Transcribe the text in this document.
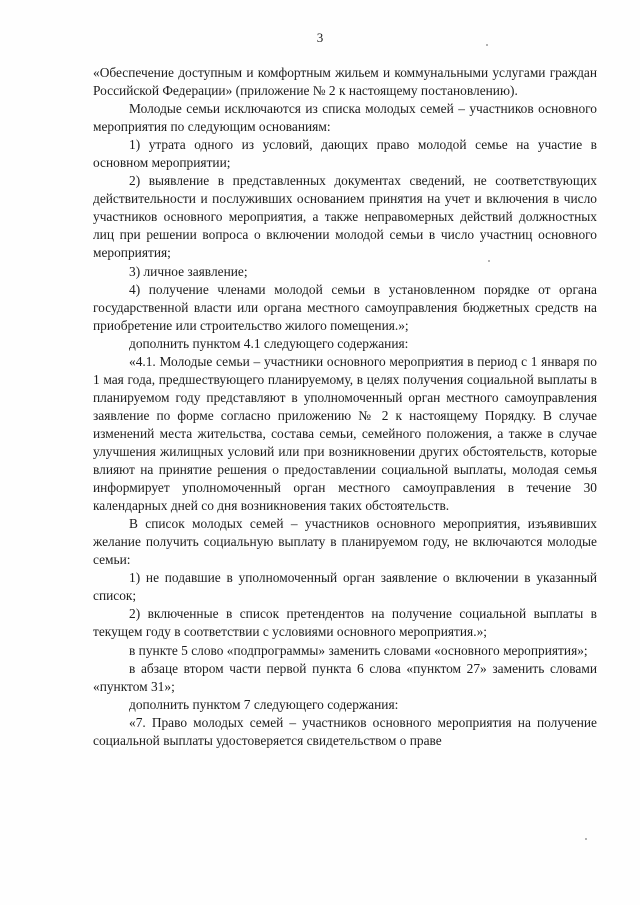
3

«Обеспечение доступным и комфортным жильем и коммунальными услугами граждан Российской Федерации» (приложение № 2 к настоящему постановлению).

Молодые семьи исключаются из списка молодых семей – участников основного мероприятия по следующим основаниям:

1) утрата одного из условий, дающих право молодой семье на участие в основном мероприятии;

2) выявление в представленных документах сведений, не соответствующих действительности и послуживших основанием принятия на учет и включения в число участников основного мероприятия, а также неправомерных действий должностных лиц при решении вопроса о включении молодой семьи в число участниц основного мероприятия;

3) личное заявление;

4) получение членами молодой семьи в установленном порядке от органа государственной власти или органа местного самоуправления бюджетных средств на приобретение или строительство жилого помещения.»;

дополнить пунктом 4.1 следующего содержания:

«4.1. Молодые семьи – участники основного мероприятия в период с 1 января по 1 мая года, предшествующего планируемому, в целях получения социальной выплаты в планируемом году представляют в уполномоченный орган местного самоуправления заявление по форме согласно приложению № 2 к настоящему Порядку. В случае изменений места жительства, состава семьи, семейного положения, а также в случае улучшения жилищных условий или при возникновении других обстоятельств, которые влияют на принятие решения о предоставлении социальной выплаты, молодая семья информирует уполномоченный орган местного самоуправления в течение 30 календарных дней со дня возникновения таких обстоятельств.

В список молодых семей – участников основного мероприятия, изъявивших желание получить социальную выплату в планируемом году, не включаются молодые семьи:

1) не подавшие в уполномоченный орган заявление о включении в указанный список;

2) включенные в список претендентов на получение социальной выплаты в текущем году в соответствии с условиями основного мероприятия.»;

в пункте 5 слово «подпрограммы» заменить словами «основного мероприятия»;

в абзаце втором части первой пункта 6 слова «пунктом 27» заменить словами «пунктом 31»;

дополнить пунктом 7 следующего содержания:

«7. Право молодых семей – участников основного мероприятия на получение социальной выплаты удостоверяется свидетельством о праве
